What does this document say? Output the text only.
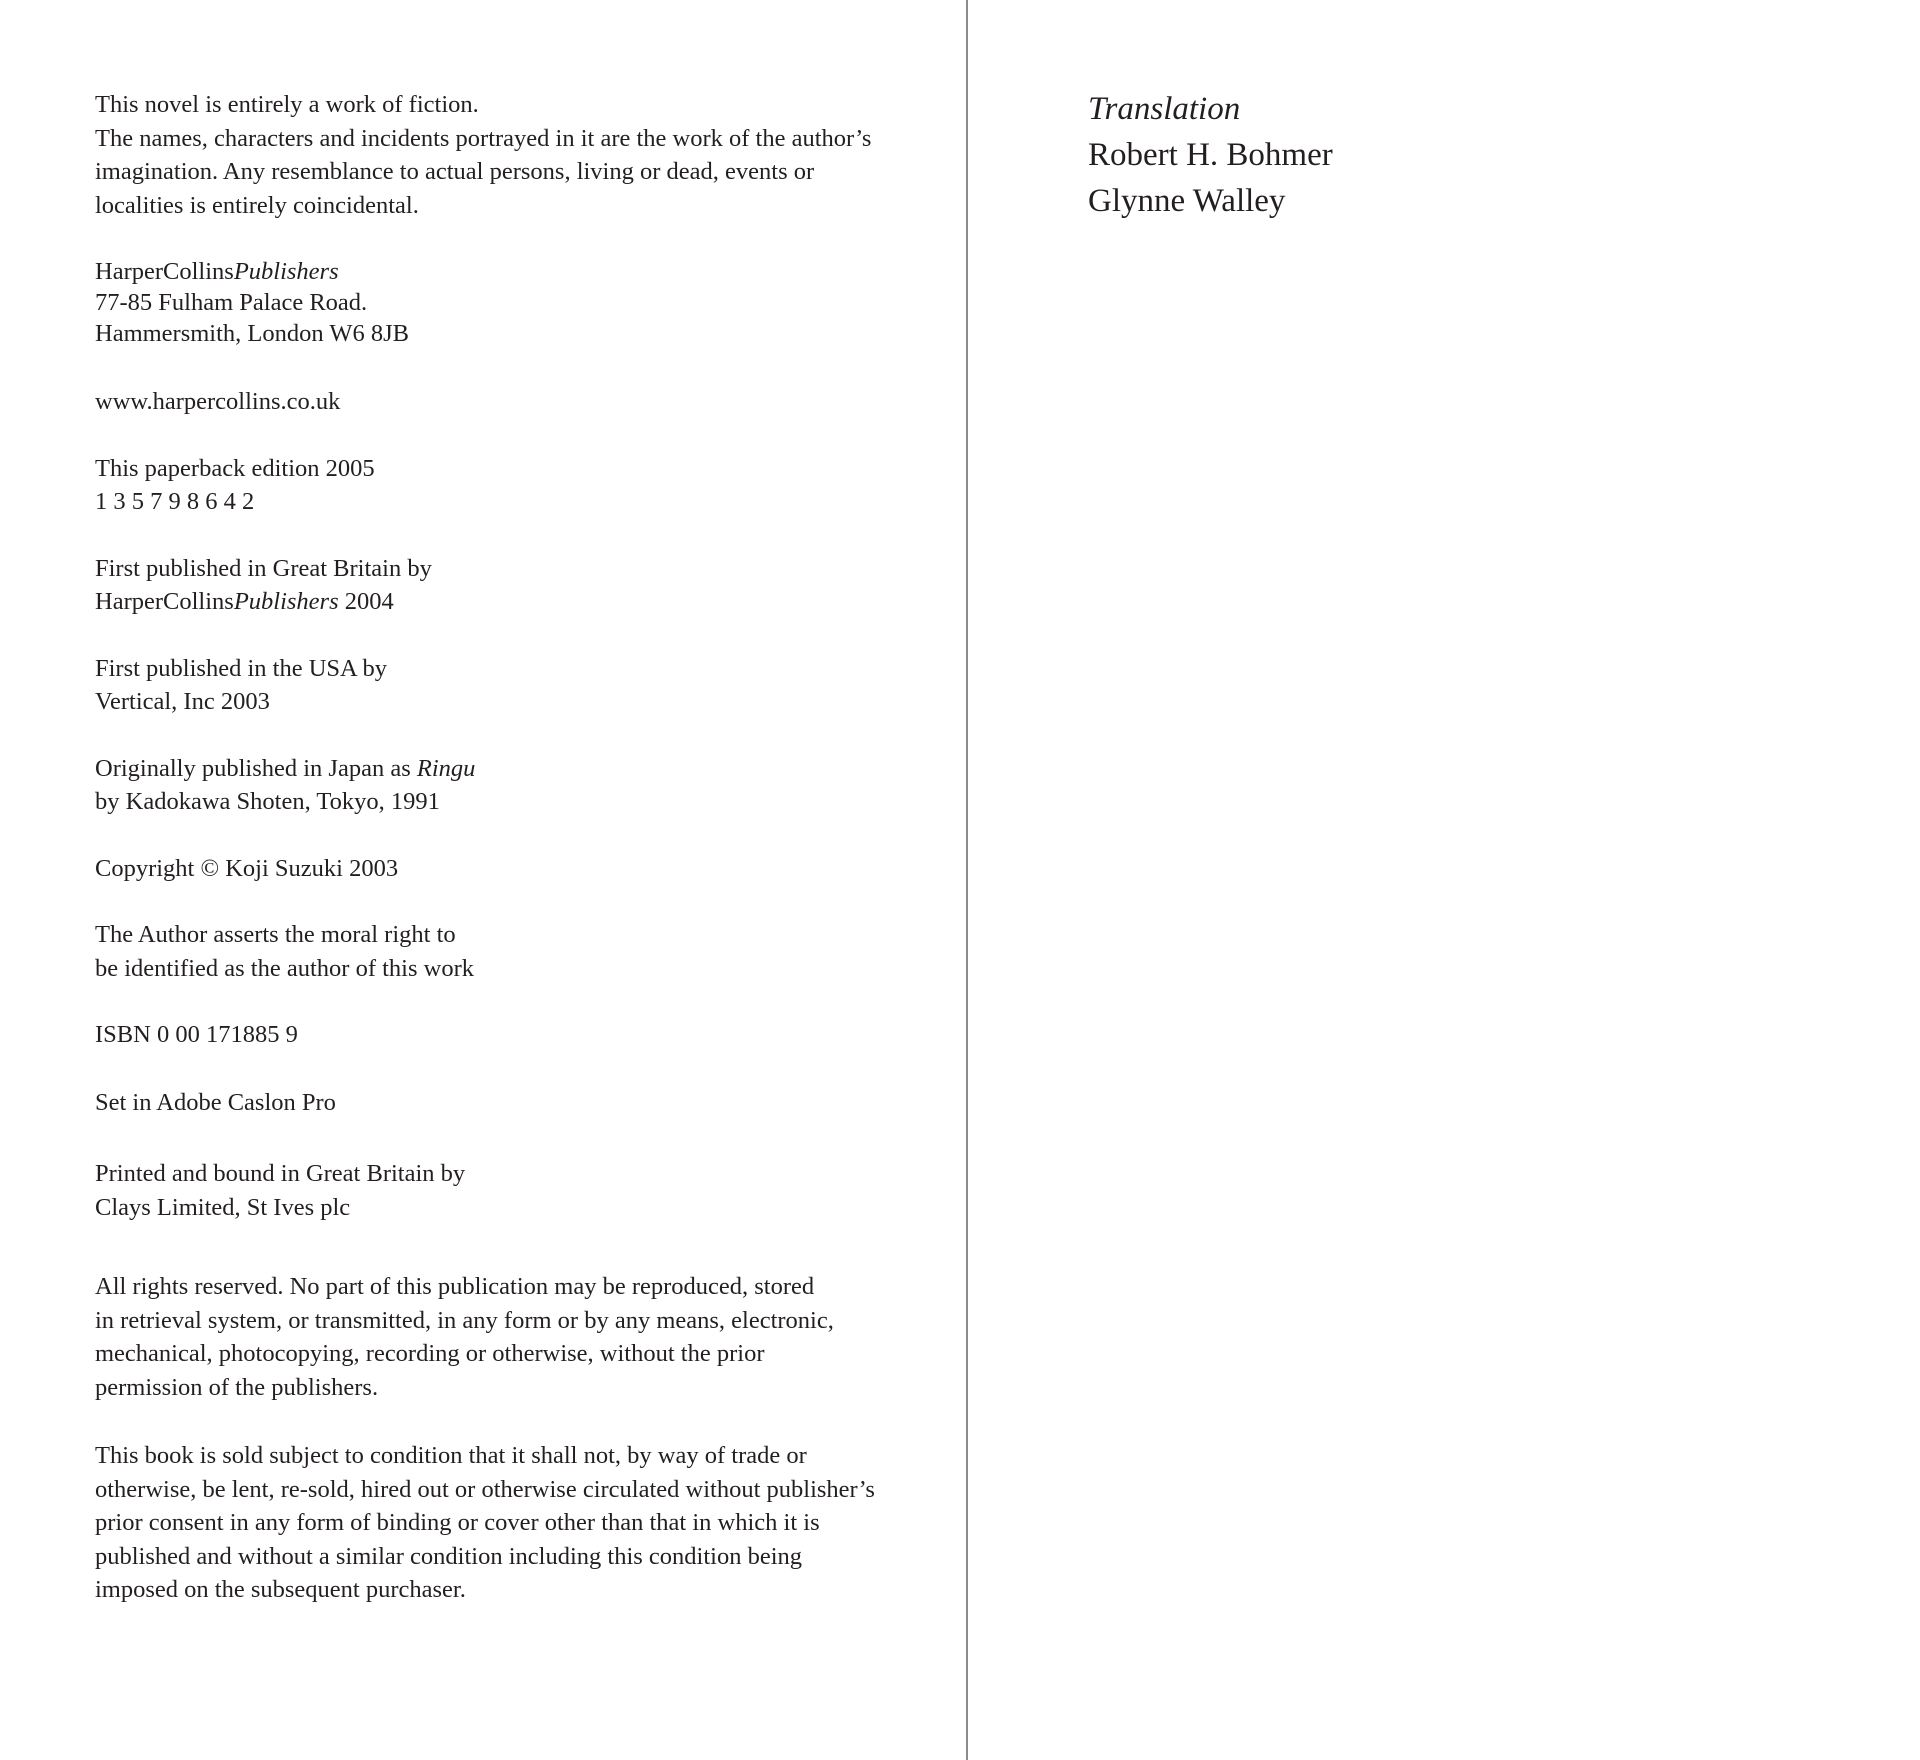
This novel is entirely a work of fiction.
The names, characters and incidents portrayed in it are the work of the author’s
imagination. Any resemblance to actual persons, living or dead, events or
localities is entirely coincidental.
HarperCollinsPublishers
77-85 Fulham Palace Road.
Hammersmith, London W6 8JB
www.harpercollins.co.uk
This paperback edition 2005
1 3 5 7 9 8 6 4 2
First published in Great Britain by
HarperCollinsPublishers 2004
First published in the USA by
Vertical, Inc 2003
Originally published in Japan as Ringu
by Kadokawa Shoten, Tokyo, 1991
Copyright © Koji Suzuki 2003
The Author asserts the moral right to
be identified as the author of this work
ISBN 0 00 171885 9
Set in Adobe Caslon Pro
Printed and bound in Great Britain by
Clays Limited, St Ives plc
All rights reserved. No part of this publication may be reproduced, stored
in retrieval system, or transmitted, in any form or by any means, electronic,
mechanical, photocopying, recording or otherwise, without the prior
permission of the publishers.
This book is sold subject to condition that it shall not, by way of trade or
otherwise, be lent, re-sold, hired out or otherwise circulated without publisher’s
prior consent in any form of binding or cover other than that in which it is
published and without a similar condition including this condition being
imposed on the subsequent purchaser.
Translation
Robert H. Bohmer
Glynne Walley
